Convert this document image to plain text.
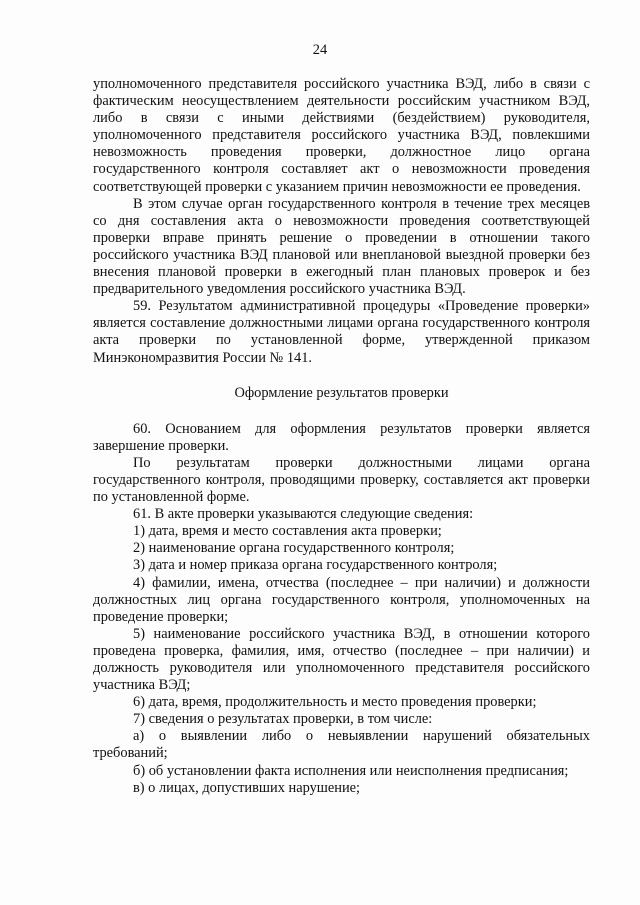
24

уполномоченного представителя российского участника ВЭД, либо в связи с фактическим неосуществлением деятельности российским участником ВЭД, либо в связи с иными действиями (бездействием) руководителя, уполномоченного представителя российского участника ВЭД, повлекшими невозможность проведения проверки, должностное лицо органа государственного контроля составляет акт о невозможности проведения соответствующей проверки с указанием причин невозможности ее проведения.

В этом случае орган государственного контроля в течение трех месяцев со дня составления акта о невозможности проведения соответствующей проверки вправе принять решение о проведении в отношении такого российского участника ВЭД плановой или внеплановой выездной проверки без внесения плановой проверки в ежегодный план плановых проверок и без предварительного уведомления российского участника ВЭД.

59. Результатом административной процедуры «Проведение проверки» является составление должностными лицами органа государственного контроля акта проверки по установленной форме, утвержденной приказом Минэкономразвития России № 141.

Оформление результатов проверки

60. Основанием для оформления результатов проверки является завершение проверки.

По результатам проверки должностными лицами органа государственного контроля, проводящими проверку, составляется акт проверки по установленной форме.

61. В акте проверки указываются следующие сведения:

1) дата, время и место составления акта проверки;

2) наименование органа государственного контроля;

3) дата и номер приказа органа государственного контроля;

4) фамилии, имена, отчества (последнее – при наличии) и должности должностных лиц органа государственного контроля, уполномоченных на проведение проверки;

5) наименование российского участника ВЭД, в отношении которого проведена проверка, фамилия, имя, отчество (последнее – при наличии) и должность руководителя или уполномоченного представителя российского участника ВЭД;

6) дата, время, продолжительность и место проведения проверки;

7) сведения о результатах проверки, в том числе:

а) о выявлении либо о невыявлении нарушений обязательных требований;

б) об установлении факта исполнения или неисполнения предписания;

в) о лицах, допустивших нарушение;
